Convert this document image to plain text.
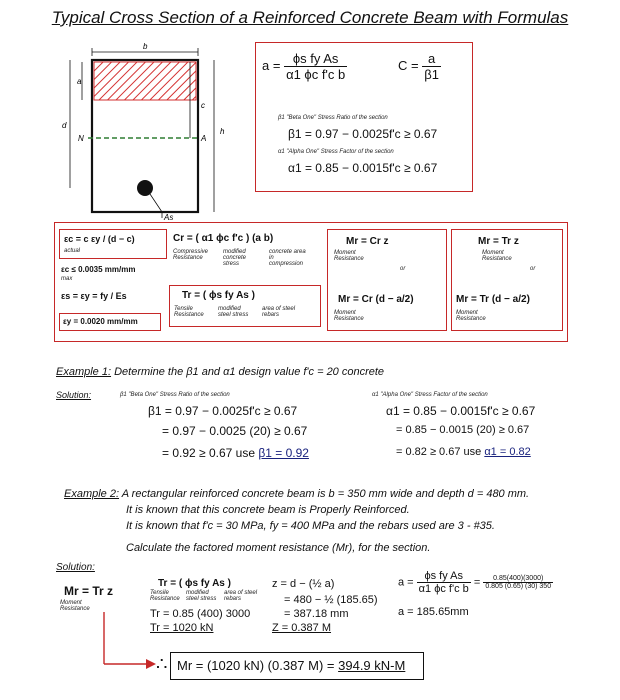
Typical Cross Section of a Reinforced Concrete Beam with Formulas
b
a
c
d
h
N	A
As
$a = \frac{\text{ϕs fy As}}{\text{α1 ϕc f'c b}}$	$C = \frac{a}{\beta 1}$
β1 "Beta One" Stress Ratio of the section
β1 = 0.97 − 0.0025f'c ≥ 0.67
α1 "Alpha One" Stress Factor of the section
α1 = 0.85 − 0.0015f'c ≥ 0.67
εc = c εy / (d − c)
actual
εc ≤ 0.0035 mm/mm
max
εs = εy = fy / Es
εy = 0.0020 mm/mm
Cr = ( α1 ϕc f'c ) (a b)
Compressive Resistance
modified concrete stress
concrete area in compression
Tr = ( ϕs fy As )
Tensile Resistance
modified steel stress
area of steel rebars
Mr = Cr z
Moment Resistance
or
Mr = Cr (d − a/2)
Moment Resistance
Mr = Tr z
Moment Resistance
or
Mr = Tr (d − a/2)
Moment Resistance
Example 1: Determine the β1 and α1 design value f'c = 20 concrete
Solution:	β1 "Beta One" Stress Ratio of the section
β1 = 0.97 − 0.0025f'c ≥ 0.67
= 0.97 − 0.0025 (20) ≥ 0.67
= 0.92 ≥ 0.67 use β1 = 0.92
α1 "Alpha One" Stress Factor of the section
α1 = 0.85 − 0.0015f'c ≥ 0.67
= 0.85 − 0.0015 (20) ≥ 0.67
= 0.82 ≥ 0.67 use α1 = 0.82
Example 2: A rectangular reinforced concrete beam is b = 350 mm wide and depth d = 480 mm.
It is known that this concrete beam is Properly Reinforced.
It is known that f'c = 30 MPa, fy = 400 MPa and the rebars used are 3 - #35.
Calculate the factored moment resistance (Mr), for the section.
Solution:
Mr = Tr z
Moment Resistance
Tr = ( ϕs fy As )
Tensile Resistance
modified steel stress
area of steel rebars
Tr = 0.85 (400) 3000
Tr = 1020 kN
z = d − (½ a)
= 480 − ½ (185.65)
= 387.18 mm
Z = 0.387 M
$a = \frac{\text{ϕs fy As}}{\text{α1 ϕc f'c b}} = \frac{0.85(400)(3000)}{0.805 (0.65) (30) 350}$
a = 185.65mm
∴ Mr = (1020 kN) (0.387 M) = 394.9 kN-M
